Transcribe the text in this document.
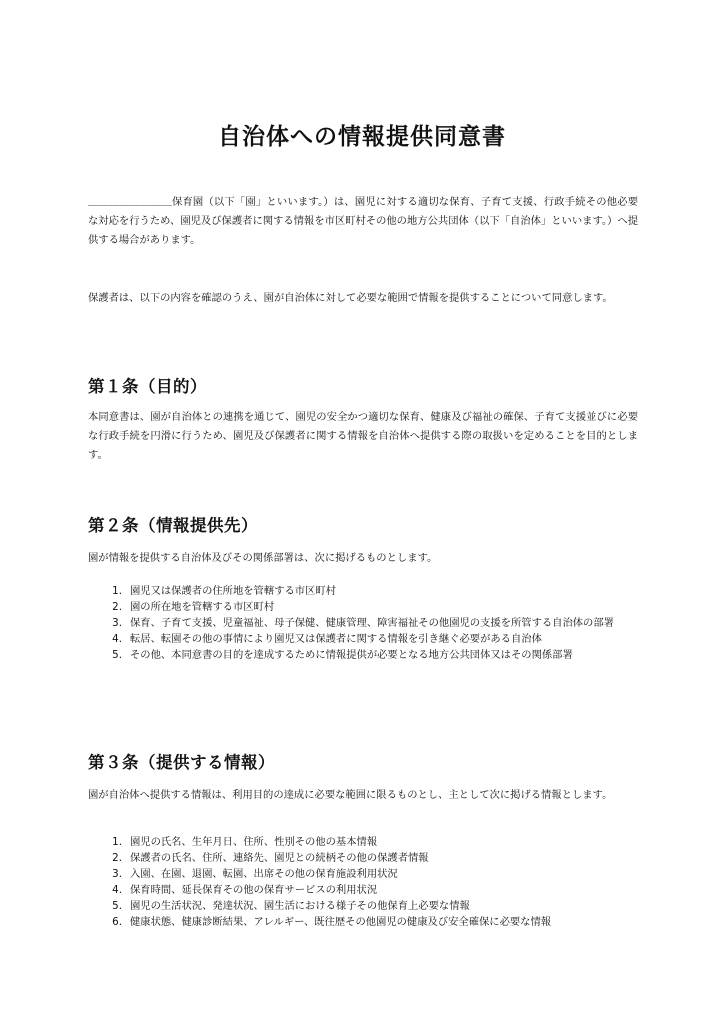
自治体への情報提供同意書

＿＿＿＿＿＿＿＿保育園（以下「園」といいます。）は、園児に対する適切な保育、子育て支援、行政手続その他必要な対応を行うため、園児及び保護者に関する情報を市区町村その他の地方公共団体（以下「自治体」といいます。）へ提供する場合があります。

保護者は、以下の内容を確認のうえ、園が自治体に対して必要な範囲で情報を提供することについて同意します。

第１条（目的）

本同意書は、園が自治体との連携を通じて、園児の安全かつ適切な保育、健康及び福祉の確保、子育て支援並びに必要な行政手続を円滑に行うため、園児及び保護者に関する情報を自治体へ提供する際の取扱いを定めることを目的とします。

第２条（情報提供先）

園が情報を提供する自治体及びその関係部署は、次に掲げるものとします。

1. 園児又は保護者の住所地を管轄する市区町村
2. 園の所在地を管轄する市区町村
3. 保育、子育て支援、児童福祉、母子保健、健康管理、障害福祉その他園児の支援を所管する自治体の部署
4. 転居、転園その他の事情により園児又は保護者に関する情報を引き継ぐ必要がある自治体
5. その他、本同意書の目的を達成するために情報提供が必要となる地方公共団体又はその関係部署
第３条（提供する情報）

園が自治体へ提供する情報は、利用目的の達成に必要な範囲に限るものとし、主として次に掲げる情報とします。

1. 園児の氏名、生年月日、住所、性別その他の基本情報
2. 保護者の氏名、住所、連絡先、園児との続柄その他の保護者情報
3. 入園、在園、退園、転園、出席その他の保育施設利用状況
4. 保育時間、延長保育その他の保育サービスの利用状況
5. 園児の生活状況、発達状況、園生活における様子その他保育上必要な情報
6. 健康状態、健康診断結果、アレルギー、既往歴その他園児の健康及び安全確保に必要な情報
